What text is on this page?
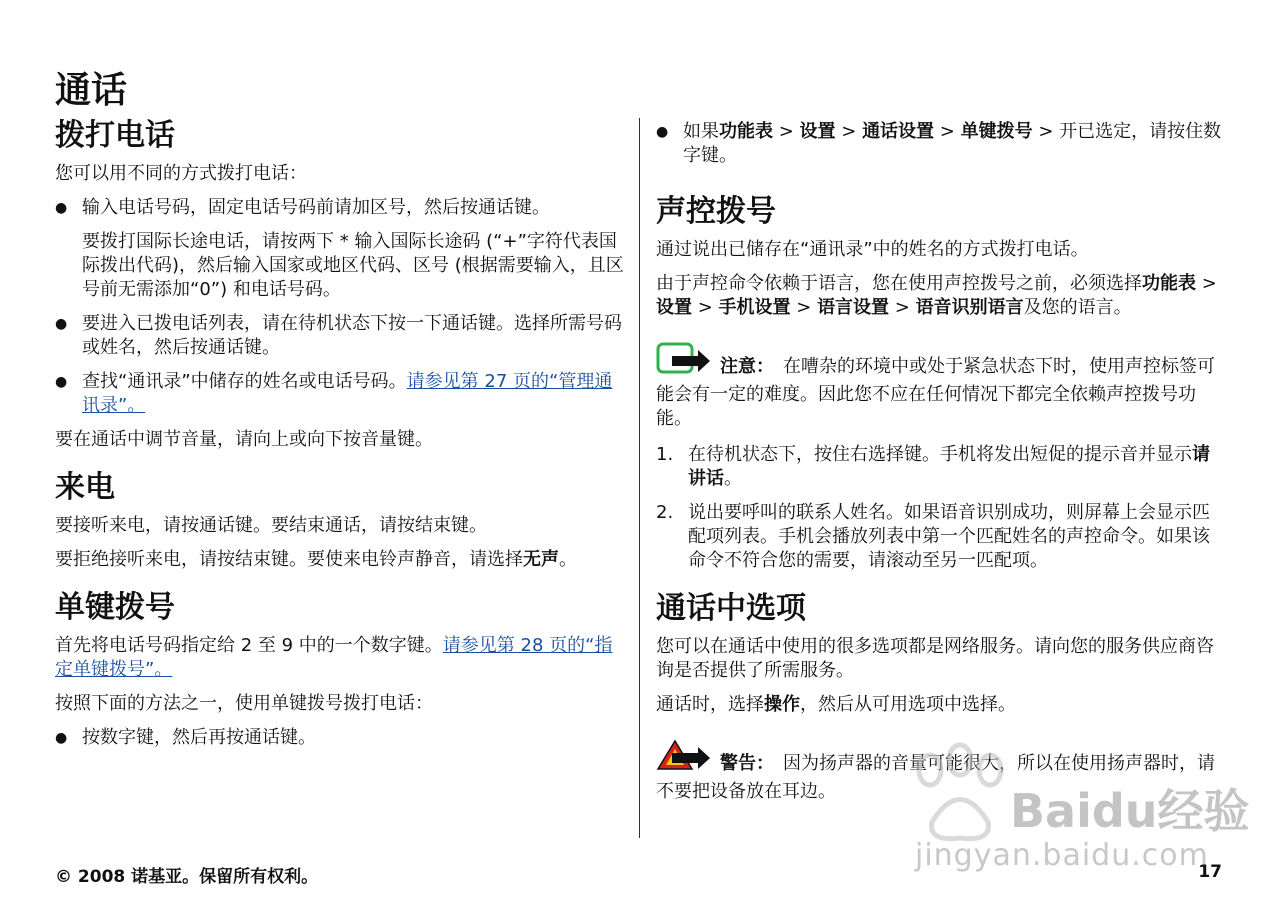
通话
拨打电话

您可以用不同的方式拨打电话：

● 输入电话号码，固定电话号码前请加区号，然后按通话键。
要拨打国际长途电话，请按两下 * 输入国际长途码 (“+”字符代表国际拨出代码)，然后输入国家或地区代码、区号 (根据需要输入，且区号前无需添加“0”) 和电话号码。
● 要进入已拨电话列表，请在待机状态下按一下通话键。选择所需号码或姓名，然后按通话键。
● 查找“通讯录”中储存的姓名或电话号码。请参见第 27 页的“管理通讯录”。

要在通话中调节音量，请向上或向下按音量键。

来电

要接听来电，请按通话键。要结束通话，请按结束键。

要拒绝接听来电，请按结束键。要使来电铃声静音，请选择无声。

单键拨号

首先将电话号码指定给 2 至 9 中的一个数字键。请参见第 28 页的“指定单键拨号”。

按照下面的方法之一，使用单键拨号拨打电话：

● 按数字键，然后再按通话键。
● 如果功能表 > 设置 > 通话设置 > 单键拨号 > 开已选定，请按住数字键。
声控拨号

通过说出已储存在“通讯录”中的姓名的方式拨打电话。

由于声控命令依赖于语言，您在使用声控拨号之前，必须选择功能表 > 设置 > 手机设置 > 语言设置 > 语音识别语言及您的语言。

注意：　 在嘈杂的环境中或处于紧急状态下时，使用声控标签可能会有一定的难度。因此您不应在任何情况下都完全依赖声控拨号功能。
1. 在待机状态下，按住右选择键。手机将发出短促的提示音并显示请讲话。
2. 说出要呼叫的联系人姓名。如果语音识别成功，则屏幕上会显示匹配项列表。手机会播放列表中第一个匹配姓名的声控命令。如果该命令不符合您的需要，请滚动至另一匹配项。
通话中选项

您可以在通话中使用的很多选项都是网络服务。请向您的服务供应商咨询是否提供了所需服务。

通话时，选择操作，然后从可用选项中选择。

警告：　 因为扬声器的音量可能很大，所以在使用扬声器时，请不要把设备放在耳边。	Baidu经验
jingyan.baidu.com
© 2008 诺基亚。保留所有权利。	17
